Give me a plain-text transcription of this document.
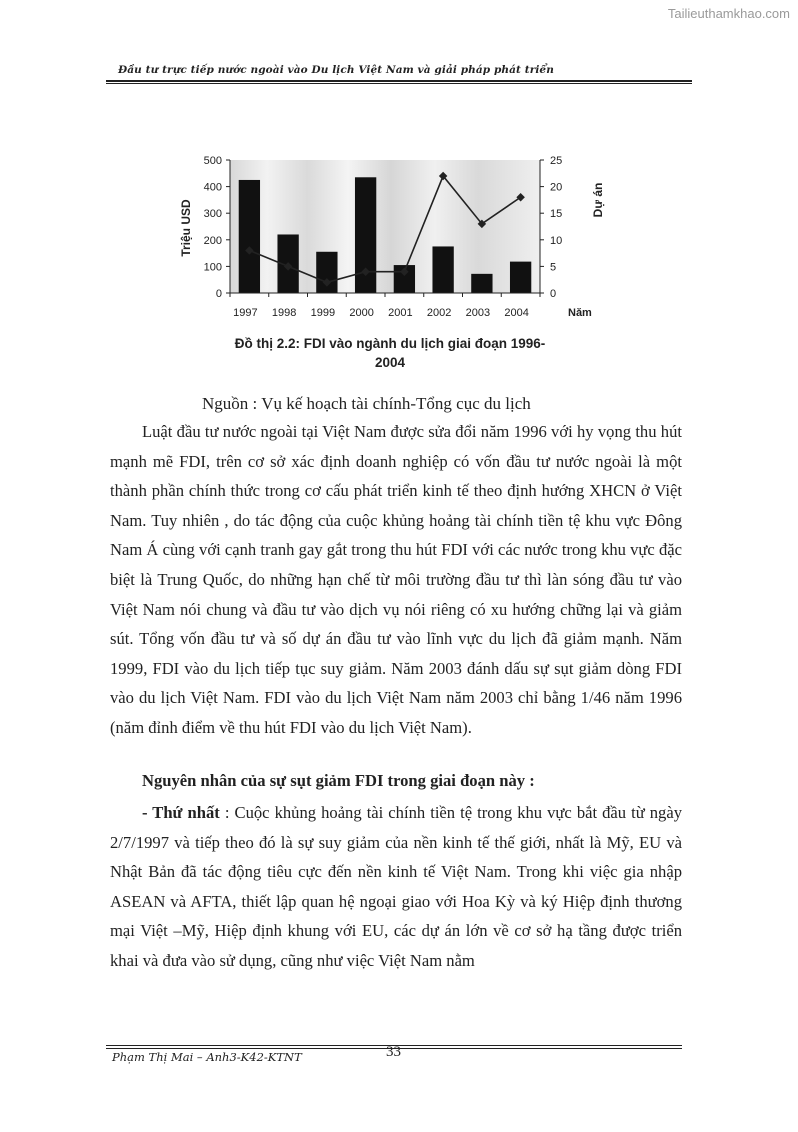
Tailieuthamkhao.com
Đầu tư trực tiếp nước ngoài vào Du lịch Việt Nam và giải pháp phát triển
0
100
200
300
400
500
0
5
10
15
20
25
1997 1998 1999 2000 2001 2002 2003 2004
Triệu USD	Dự án
Năm
Đồ thị 2.2: FDI vào ngành du lịch giai đoạn 1996-
2004
Nguồn : Vụ kế hoạch tài chính-Tổng cục du lịch

Luật đầu tư nước ngoài tại Việt Nam được sửa đổi năm 1996 với hy vọng thu hút mạnh mẽ FDI, trên cơ sở xác định doanh nghiệp có vốn đầu tư nước ngoài là một thành phần chính thức trong cơ cấu phát triển kinh tế theo định hướng XHCN ở Việt Nam. Tuy nhiên , do tác động của cuộc khủng hoảng tài chính tiền tệ khu vực Đông Nam Á cùng với cạnh tranh gay gắt trong thu hút FDI với các nước trong khu vực đặc biệt là Trung Quốc, do những hạn chế từ môi trường đầu tư thì làn sóng đầu tư vào Việt Nam nói chung và đầu tư vào dịch vụ nói riêng có xu hướng chững lại và giảm sút. Tổng vốn đầu tư và số dự án đầu tư vào lĩnh vực du lịch đã giảm mạnh. Năm 1999, FDI vào du lịch tiếp tục suy giảm. Năm 2003 đánh dấu sự sụt giảm dòng FDI vào du lịch Việt Nam. FDI vào du lịch Việt Nam năm 2003 chỉ bằng 1/46 năm 1996 (năm đỉnh điểm về thu hút FDI vào du lịch Việt Nam).

Nguyên nhân của sự sụt giảm FDI trong giai đoạn này :

- Thứ nhất : Cuộc khủng hoảng tài chính tiền tệ trong khu vực bắt đầu từ ngày 2/7/1997 và tiếp theo đó là sự suy giảm của nền kinh tế thế giới, nhất là Mỹ, EU và Nhật Bản đã tác động tiêu cực đến nền kinh tế Việt Nam. Trong khi việc gia nhập ASEAN và AFTA, thiết lập quan hệ ngoại giao với Hoa Kỳ và ký Hiệp định thương mại Việt –Mỹ, Hiệp định khung với EU, các dự án lớn về cơ sở hạ tầng được triển khai và đưa vào sử dụng, cũng như việc Việt Nam nằm

Phạm Thị Mai – Anh3-K42-KTNT	33
